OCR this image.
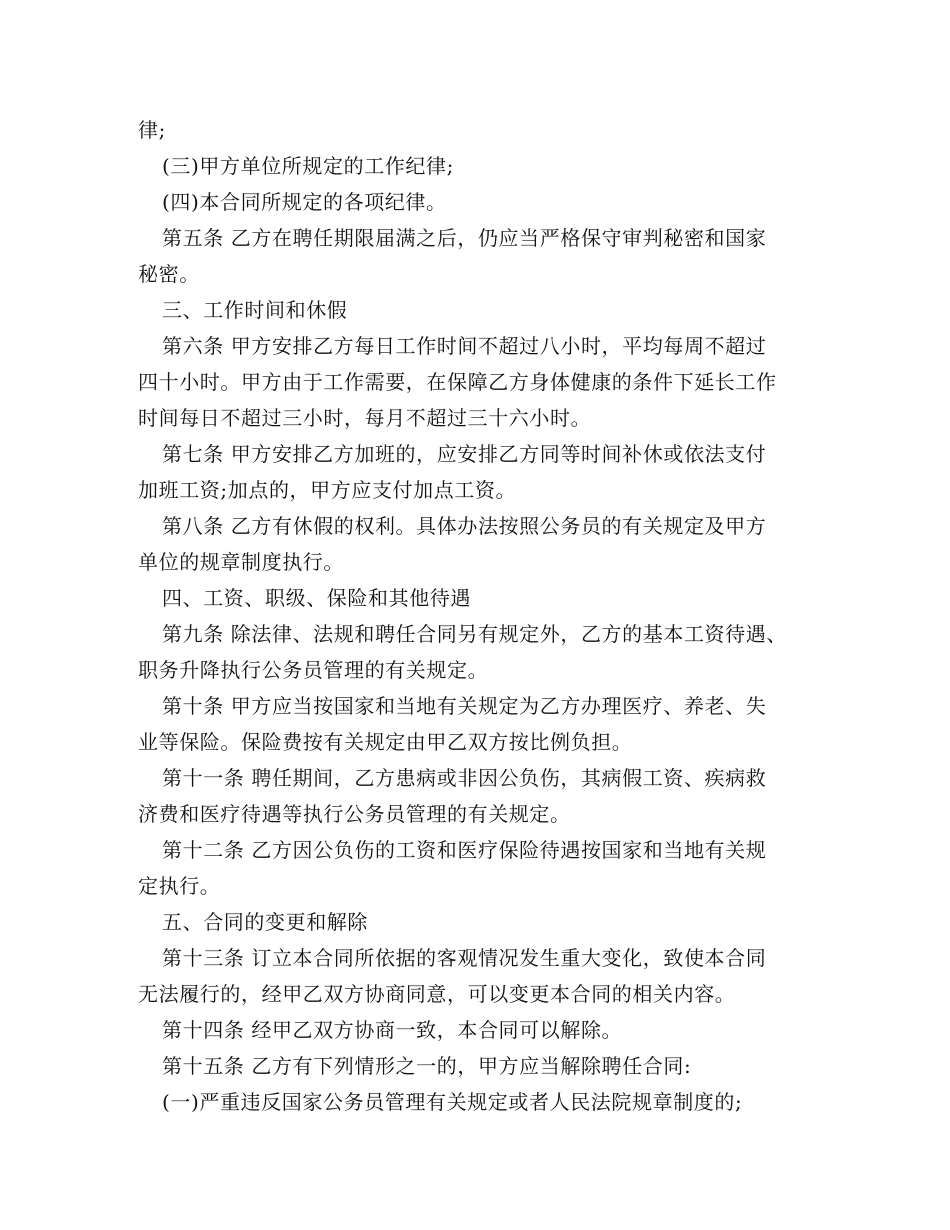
律;
(三)甲方单位所规定的工作纪律;
(四)本合同所规定的各项纪律。
第五条 乙方在聘任期限届满之后，仍应当严格保守审判秘密和国家
秘密。
三、工作时间和休假
第六条 甲方安排乙方每日工作时间不超过八小时，平均每周不超过
四十小时。甲方由于工作需要，在保障乙方身体健康的条件下延长工作
时间每日不超过三小时，每月不超过三十六小时。
第七条 甲方安排乙方加班的，应安排乙方同等时间补休或依法支付
加班工资;加点的，甲方应支付加点工资。
第八条 乙方有休假的权利。具体办法按照公务员的有关规定及甲方
单位的规章制度执行。
四、工资、职级、保险和其他待遇
第九条 除法律、法规和聘任合同另有规定外，乙方的基本工资待遇、
职务升降执行公务员管理的有关规定。
第十条 甲方应当按国家和当地有关规定为乙方办理医疗、养老、失
业等保险。保险费按有关规定由甲乙双方按比例负担。
第十一条 聘任期间，乙方患病或非因公负伤，其病假工资、疾病救
济费和医疗待遇等执行公务员管理的有关规定。
第十二条 乙方因公负伤的工资和医疗保险待遇按国家和当地有关规
定执行。
五、合同的变更和解除
第十三条 订立本合同所依据的客观情况发生重大变化，致使本合同
无法履行的，经甲乙双方协商同意，可以变更本合同的相关内容。
第十四条 经甲乙双方协商一致，本合同可以解除。
第十五条 乙方有下列情形之一的，甲方应当解除聘任合同:
(一)严重违反国家公务员管理有关规定或者人民法院规章制度的;
